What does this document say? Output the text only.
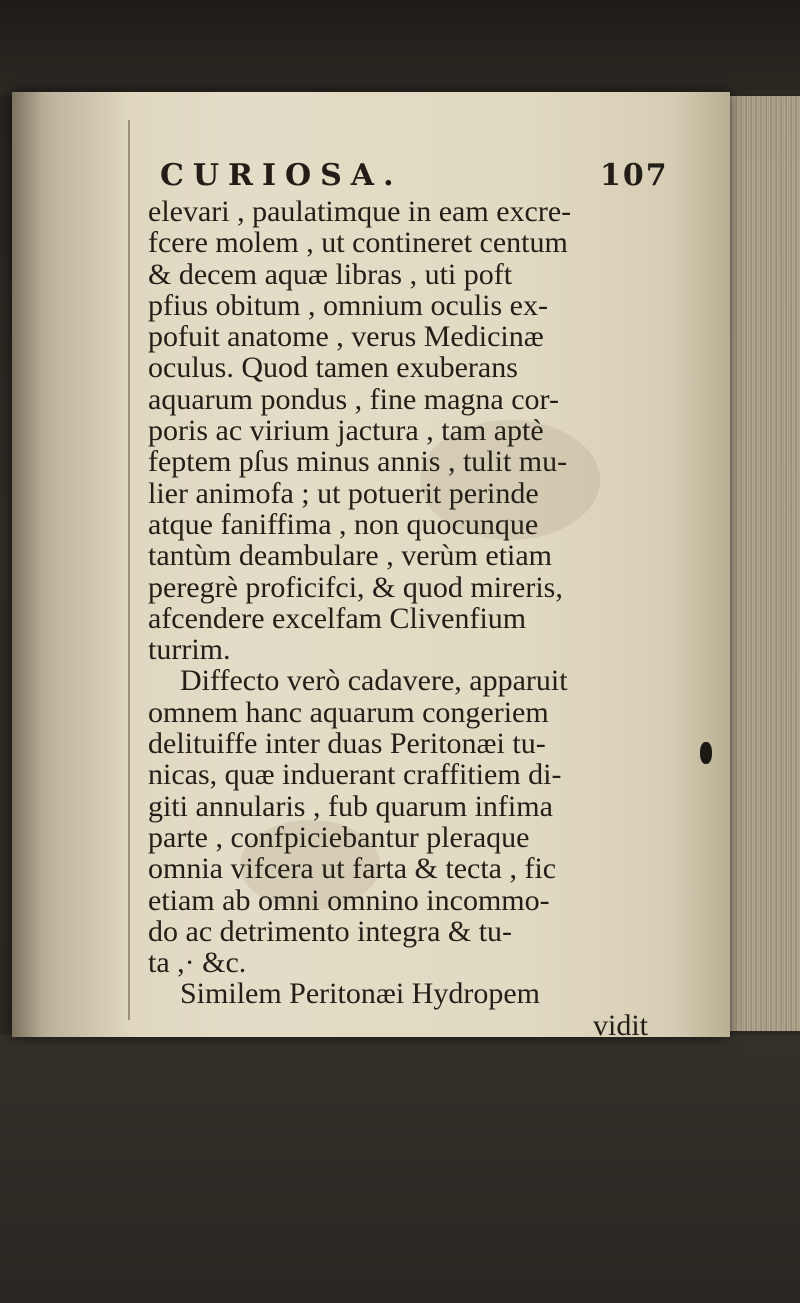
CURIOSA.	107
elevari , paulatimque in eam excre-
fcere molem , ut contineret centum
& decem aquæ libras , uti poft
pfius obitum , omnium oculis ex-
pofuit anatome , verus Medicinæ
oculus. Quod tamen exuberans
aquarum pondus , fine magna cor-
poris ac virium jactura , tam aptè
feptem pſus minus annis , tulit mu-
lier animofa ; ut potuerit perinde
atque faniffima , non quocunque
tantùm deambulare , verùm etiam
peregrè proficifci, & quod mireris,
afcendere excelfam Clivenfium
turrim.
Diffecto verò cadavere, apparuit
omnem hanc aquarum congeriem
delituiffe inter duas Peritonæi tu-
nicas, quæ induerant craffitiem di-
giti annularis , fub quarum infima
parte , confpiciebantur pleraque
omnia vifcera ut farta & tecta , fic
etiam ab omni omnino incommo-
do ac detrimento integra & tu-
ta ,· &c.
Similem Peritonæi Hydropem
vidit
